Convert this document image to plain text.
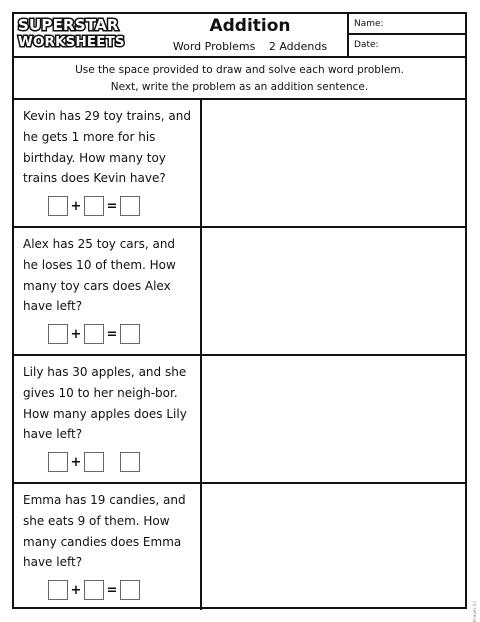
SUPERSTAR
WORKSHEETS
Addition
Word Problems 2 Addends
Name:
Date:
Use the space provided to draw and solve each word problem.
Next, write the problem as an addition sentence.

Kevin has 29 toy trains, and he gets 1 more for his birthday. How many toy trains does Kevin have?

+ =

Alex has 25 toy cars, and he loses 10 of them. How many toy cars does Alex have left?

+ =

Lily has 30 apples, and she gives 10 to her neigh-bor. How many apples does Lily have left?

+

Emma has 19 candies, and she eats 9 of them. How many candies does Emma have left?

+ =
Images (c)
